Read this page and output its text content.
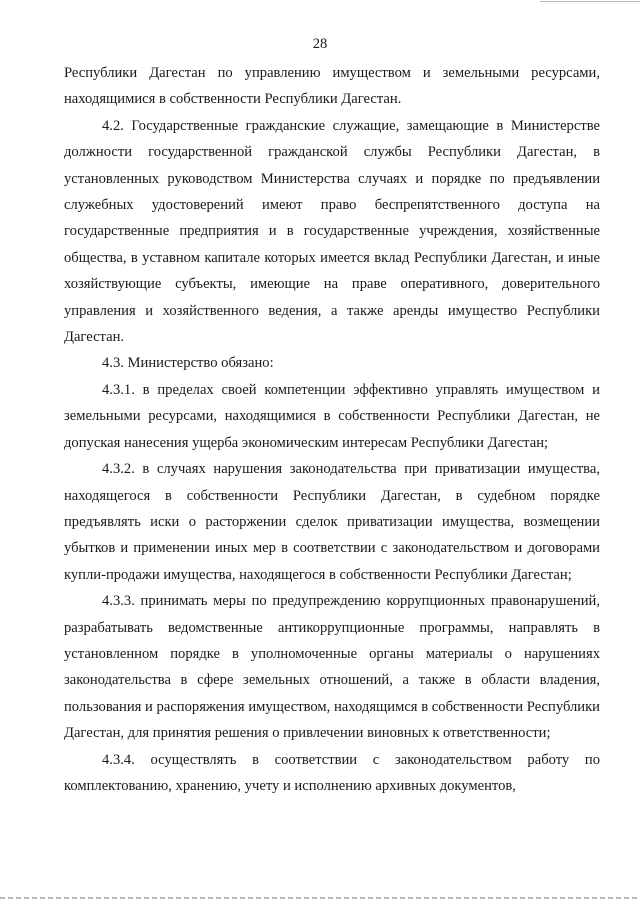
28

Республики Дагестан по управлению имуществом и земельными ресурсами, находящимися в собственности Республики Дагестан.

4.2. Государственные гражданские служащие, замещающие в Министерстве должности государственной гражданской службы Республики Дагестан, в установленных руководством Министерства случаях и порядке по предъявлении служебных удостоверений имеют право беспрепятственного доступа на государственные предприятия и в государственные учреждения, хозяйственные общества, в уставном капитале которых имеется вклад Республики Дагестан, и иные хозяйствующие субъекты, имеющие на праве оперативного, доверительного управления и хозяйственного ведения, а также аренды имущество Республики Дагестан.

4.3. Министерство обязано:

4.3.1. в пределах своей компетенции эффективно управлять имуществом и земельными ресурсами, находящимися в собственности Республики Дагестан, не допуская нанесения ущерба экономическим интересам Республики Дагестан;

4.3.2. в случаях нарушения законодательства при приватизации имущества, находящегося в собственности Республики Дагестан, в судебном порядке предъявлять иски о расторжении сделок приватизации имущества, возмещении убытков и применении иных мер в соответствии с законодательством и договорами купли-продажи имущества, находящегося в собственности Республики Дагестан;

4.3.3. принимать меры по предупреждению коррупционных правонарушений, разрабатывать ведомственные антикоррупционные программы, направлять в установленном порядке в уполномоченные органы материалы о нарушениях законодательства в сфере земельных отношений, а также в области владения, пользования и распоряжения имуществом, находящимся в собственности Республики Дагестан, для принятия решения о привлечении виновных к ответственности;

4.3.4. осуществлять в соответствии с законодательством работу по комплектованию, хранению, учету и исполнению архивных документов,
